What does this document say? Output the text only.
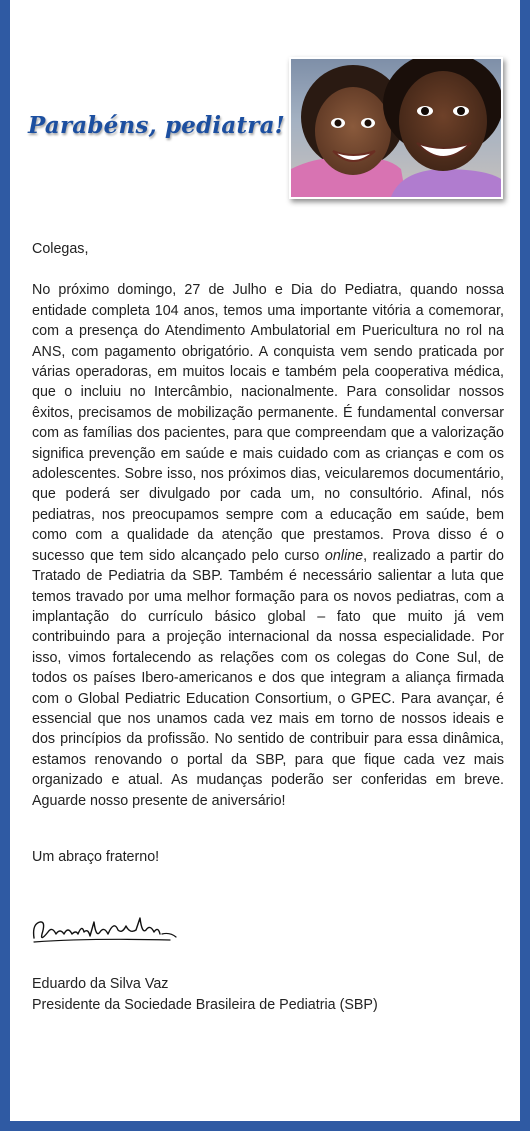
Parabéns, pediatra!

Colegas,

No próximo domingo, 27 de Julho e Dia do Pediatra, quando nossa entidade completa 104 anos, temos uma importante vitória a comemorar, com a presença do Atendimento Ambulatorial em Puericultura no rol na ANS, com pagamento obrigatório. A conquista vem sendo praticada por várias operadoras, em muitos locais e também pela cooperativa médica, que o incluiu no Intercâmbio, nacionalmente. Para consolidar nossos êxitos, precisamos de mobilização permanente. É fundamental conversar com as famílias dos pacientes, para que compreendam que a valorização significa prevenção em saúde e mais cuidado com as crianças e com os adolescentes. Sobre isso, nos próximos dias, veicularemos documentário, que poderá ser divulgado por cada um, no consultório. Afinal, nós pediatras, nos preocupamos sempre com a educação em saúde, bem como com a qualidade da atenção que prestamos. Prova disso é o sucesso que tem sido alcançado pelo curso online, realizado a partir do Tratado de Pediatria da SBP. Também é necessário salientar a luta que temos travado por uma melhor formação para os novos pediatras, com a implantação do currículo básico global – fato que muito já vem contribuindo para a projeção internacional da nossa especialidade. Por isso, vimos fortalecendo as relações com os colegas do Cone Sul, de todos os países Ibero-americanos e dos que integram a aliança firmada com o Global Pediatric Education Consortium, o GPEC. Para avançar, é essencial que nos unamos cada vez mais em torno de nossos ideais e dos princípios da profissão. No sentido de contribuir para essa dinâmica, estamos renovando o portal da SBP, para que fique cada vez mais organizado e atual. As mudanças poderão ser conferidas em breve. Aguarde nosso presente de aniversário!

Um abraço fraterno!

Eduardo da Silva Vaz
Presidente da Sociedade Brasileira de Pediatria (SBP)
